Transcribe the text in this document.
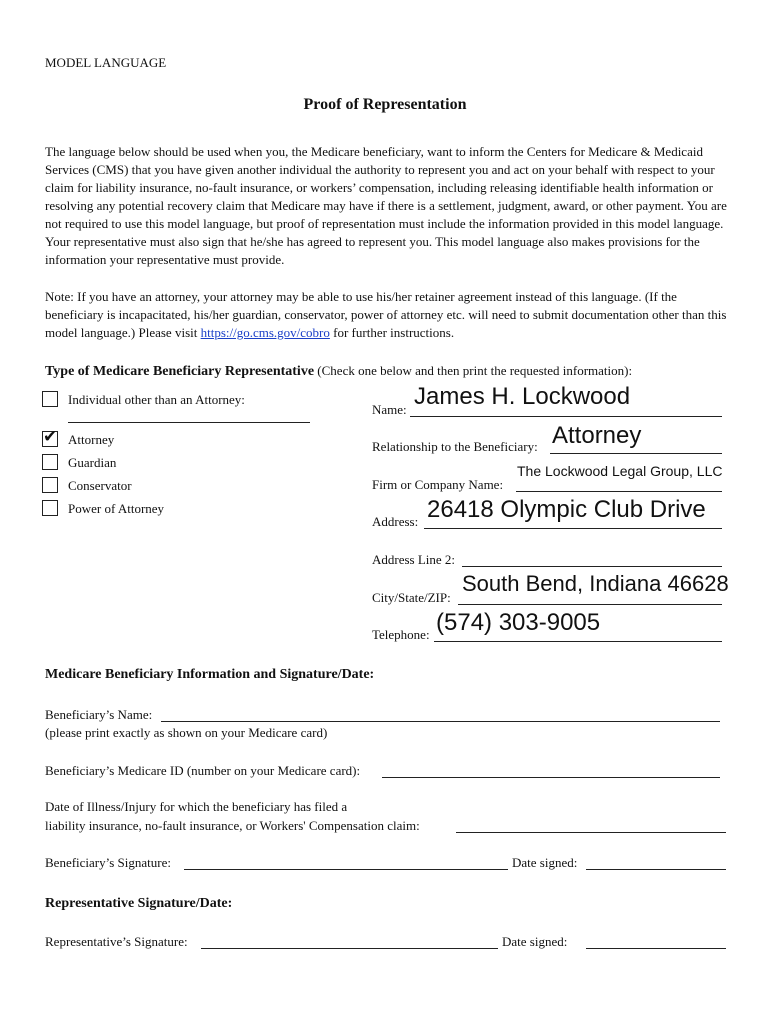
MODEL LANGUAGE
Proof of Representation
The language below should be used when you, the Medicare beneficiary, want to inform the Centers for Medicare & Medicaid Services (CMS) that you have given another individual the authority to represent you and act on your behalf with respect to your claim for liability insurance, no-fault insurance, or workers’ compensation, including releasing identifiable health information or resolving any potential recovery claim that Medicare may have if there is a settlement, judgment, award, or other payment. You are not required to use this model language, but proof of representation must include the information provided in this model language. Your representative must also sign that he/she has agreed to represent you. This model language also makes provisions for the information your representative must provide.
Note: If you have an attorney, your attorney may be able to use his/her retainer agreement instead of this language. (If the beneficiary is incapacitated, his/her guardian, conservator, power of attorney etc. will need to submit documentation other than this model language.) Please visit https://go.cms.gov/cobro for further instructions.
Type of Medicare Beneficiary Representative (Check one below and then print the requested information):
Individual other than an Attorney:
✔ Attorney
Guardian
Conservator
Power of Attorney
Name: James H. Lockwood
Relationship to the Beneficiary: Attorney
Firm or Company Name:
The Lockwood Legal Group, LLC
Address: 26418 Olympic Club Drive
Address Line 2:
City/State/ZIP:
South Bend, Indiana 46628
Telephone: (574) 303-9005
Medicare Beneficiary Information and Signature/Date:
Beneficiary’s Name:
(please print exactly as shown on your Medicare card)
Beneficiary’s Medicare ID (number on your Medicare card):
Date of Illness/Injury for which the beneficiary has filed a
liability insurance, no-fault insurance, or Workers' Compensation claim:
Beneficiary’s Signature:	Date signed:
Representative Signature/Date:
Representative’s Signature:	Date signed:
